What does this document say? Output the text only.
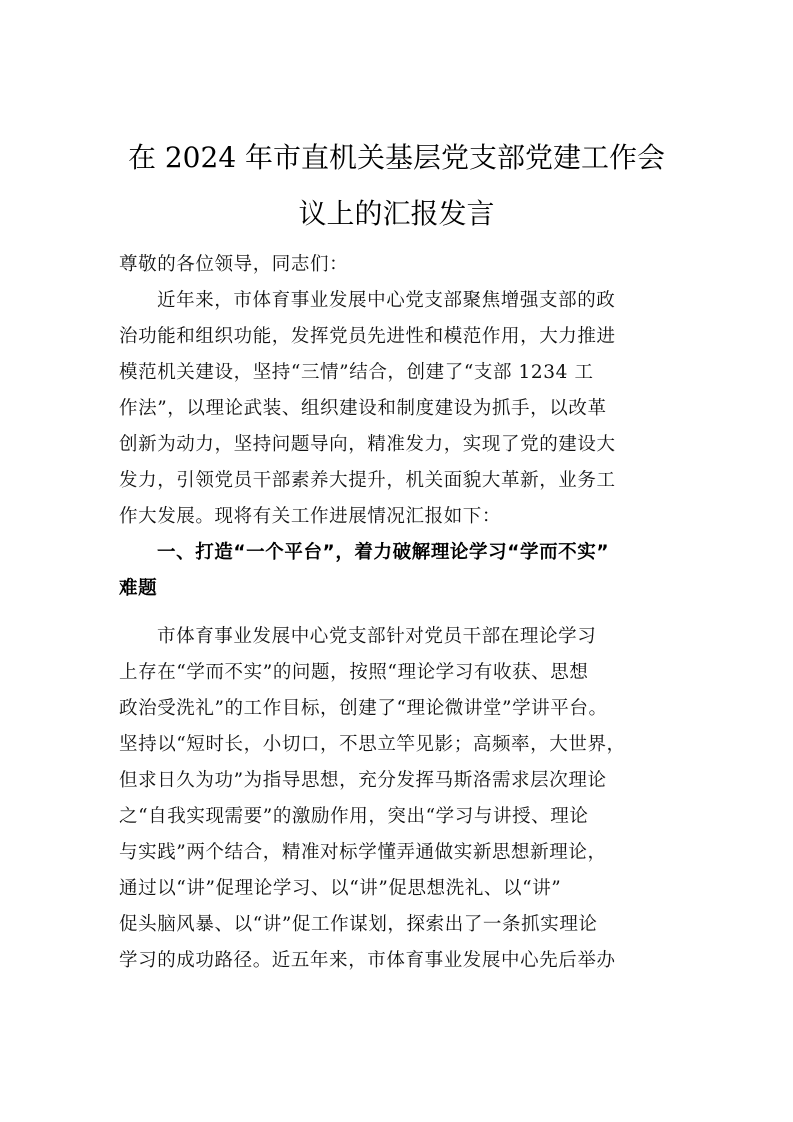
在 2024 年市直机关基层党支部党建工作会
议上的汇报发言
尊敬的各位领导，同志们：
近年来，市体育事业发展中心党支部聚焦增强支部的政
治功能和组织功能，发挥党员先进性和模范作用，大力推进
模范机关建设，坚持“三情”结合，创建了“支部 1234 工
作法”，以理论武装、组织建设和制度建设为抓手，以改革
创新为动力，坚持问题导向，精准发力，实现了党的建设大
发力，引领党员干部素养大提升，机关面貌大革新，业务工
作大发展。现将有关工作进展情况汇报如下：
一、打造“一个平台”，着力破解理论学习“学而不实”
难题
市体育事业发展中心党支部针对党员干部在理论学习
上存在“学而不实”的问题，按照“理论学习有收获、思想
政治受洗礼”的工作目标，创建了“理论微讲堂”学讲平台。
坚持以“短时长，小切口，不思立竿见影；高频率，大世界，
但求日久为功”为指导思想，充分发挥马斯洛需求层次理论
之“自我实现需要”的激励作用，突出“学习与讲授、理论
与实践”两个结合，精准对标学懂弄通做实新思想新理论，
通过以“讲”促理论学习、以“讲”促思想洗礼、以“讲”
促头脑风暴、以“讲”促工作谋划，探索出了一条抓实理论
学习的成功路径。近五年来，市体育事业发展中心先后举办
